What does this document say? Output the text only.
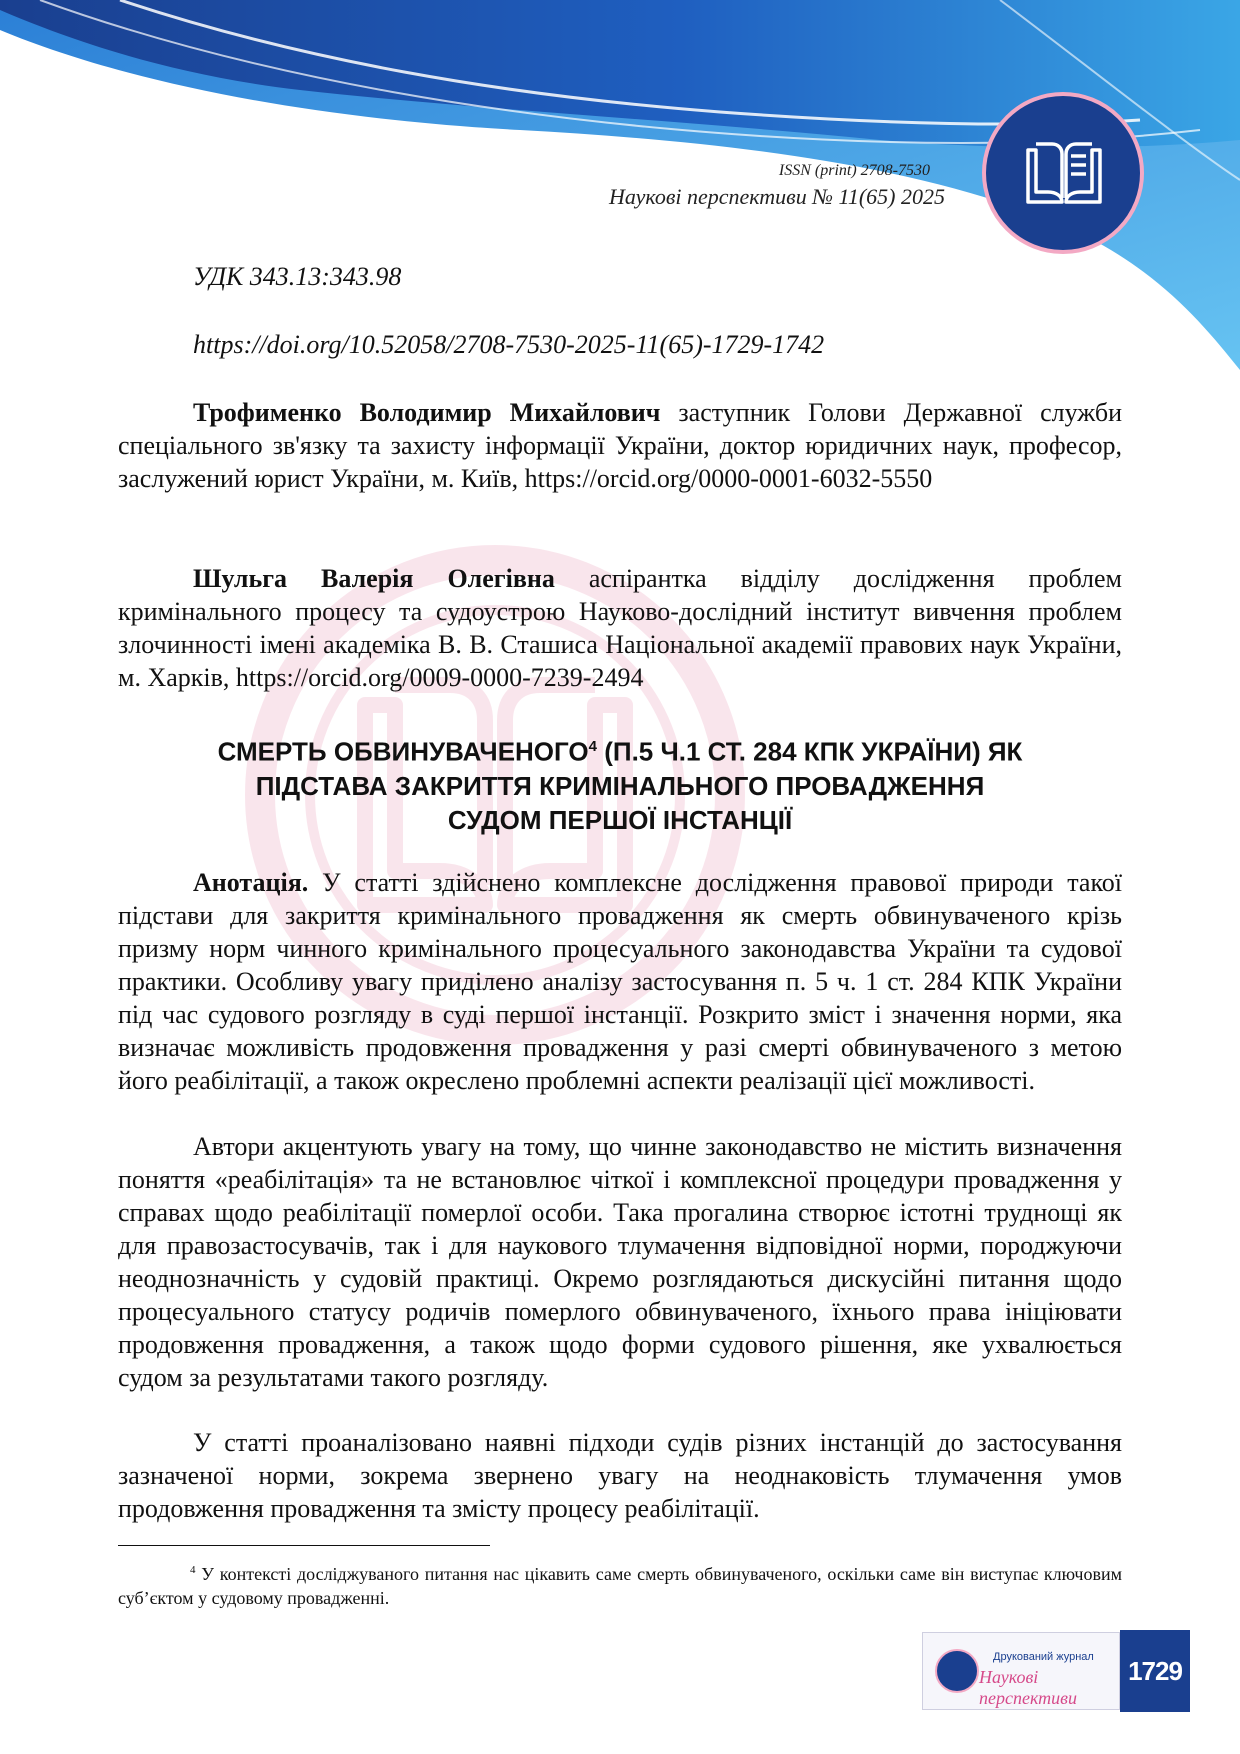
ISSN (print) 2708-7530
Наукові перспективи № 11(65) 2025
УДК 343.13:343.98
https://doi.org/10.52058/2708-7530-2025-11(65)-1729-1742

Трофименко Володимир Михайлович заступник Голови Державної служби спеціального зв'язку та захисту інформації України, доктор юридичних наук, професор, заслужений юрист України, м. Київ, https://orcid.org/0000-0001-6032-5550

Шульга Валерія Олегівна аспірантка відділу дослідження проблем кримінального процесу та судоустрою Науково-дослідний інститут вивчення проблем злочинності імені академіка В. В. Сташиса Національної академії правових наук України, м. Харків, https://orcid.org/0009-0000-7239-2494

СМЕРТЬ ОБВИНУВАЧЕНОГО$^4$ (П.5 Ч.1 СТ. 284 КПК УКРАЇНИ) ЯК
ПІДСТАВА ЗАКРИТТЯ КРИМІНАЛЬНОГО ПРОВАДЖЕННЯ
СУДОМ ПЕРШОЇ ІНСТАНЦІЇ

Анотація. У статті здійснено комплексне дослідження правової природи такої підстави для закриття кримінального провадження як смерть обвинуваченого крізь призму норм чинного кримінального процесуального законодавства України та судової практики. Особливу увагу приділено аналізу застосування п. 5 ч. 1 ст. 284 КПК України під час судового розгляду в суді першої інстанції. Розкрито зміст і значення норми, яка визначає можливість продовження провадження у разі смерті обвинуваченого з метою його реабілітації, а також окреслено проблемні аспекти реалізації цієї можливості.

Автори акцентують увагу на тому, що чинне законодавство не містить визначення поняття «реабілітація» та не встановлює чіткої і комплексної процедури провадження у справах щодо реабілітації померлої особи. Така прогалина створює істотні труднощі як для правозастосувачів, так і для наукового тлумачення відповідної норми, породжуючи неоднозначність у судовій практиці. Окремо розглядаються дискусійні питання щодо процесуального статусу родичів померлого обвинуваченого, їхнього права ініціювати продовження провадження, а також щодо форми судового рішення, яке ухвалюється судом за результатами такого розгляду.

У статті проаналізовано наявні підходи судів різних інстанцій до застосування зазначеної норми, зокрема звернено увагу на неоднаковість тлумачення умов продовження провадження та змісту процесу реабілітації.

$^4$ У контексті досліджуваного питання нас цікавить саме смерть обвинуваченого, оскільки саме він виступає ключовим суб’єктом у судовому провадженні.

Друкований журнал
Наукові перспективи
1729
